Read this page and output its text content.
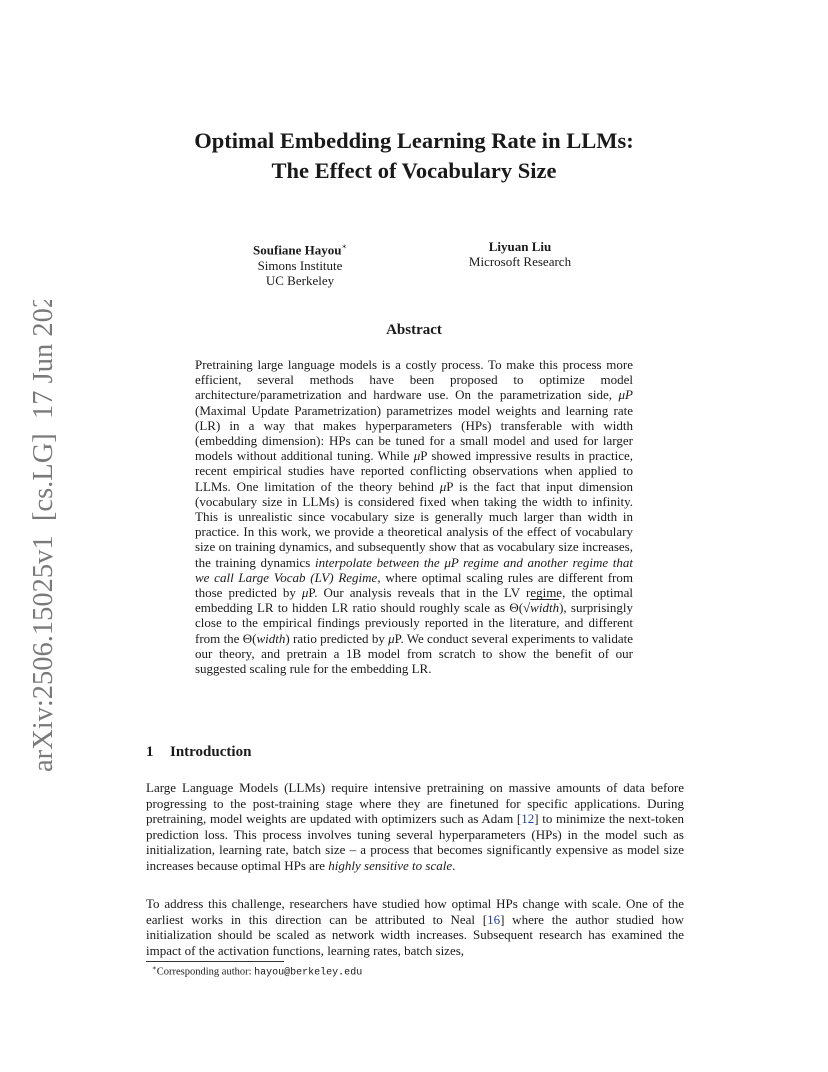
arXiv:2506.15025v1  [cs.LG]  17 Jun 2025
Optimal Embedding Learning Rate in LLMs:
The Effect of Vocabulary Size
Soufiane Hayou∗
Simons Institute
UC Berkeley
Liyuan Liu
Microsoft Research
Abstract

Pretraining large language models is a costly process. To make this process more efficient, several methods have been proposed to optimize model architecture/parametrization and hardware use. On the parametrization side, μP (Maximal Update Parametrization) parametrizes model weights and learning rate (LR) in a way that makes hyperparameters (HPs) transferable with width (embedding dimension): HPs can be tuned for a small model and used for larger models without additional tuning. While μP showed impressive results in practice, recent empirical studies have reported conflicting observations when applied to LLMs. One limitation of the theory behind μP is the fact that input dimension (vocabulary size in LLMs) is considered fixed when taking the width to infinity. This is unrealistic since vocabulary size is generally much larger than width in practice. In this work, we provide a theoretical analysis of the effect of vocabulary size on training dynamics, and subsequently show that as vocabulary size increases, the training dynamics interpolate between the μP regime and another regime that we call Large Vocab (LV) Regime, where optimal scaling rules are different from those predicted by μP. Our analysis reveals that in the LV regime, the optimal embedding LR to hidden LR ratio should roughly scale as Θ(√width), surprisingly close to the empirical findings previously reported in the literature, and different from the Θ(width) ratio predicted by μP. We conduct several experiments to validate our theory, and pretrain a 1B model from scratch to show the benefit of our suggested scaling rule for the embedding LR.

1 Introduction

Large Language Models (LLMs) require intensive pretraining on massive amounts of data before progressing to the post-training stage where they are finetuned for specific applications. During pretraining, model weights are updated with optimizers such as Adam [12] to minimize the next-token prediction loss. This process involves tuning several hyperparameters (HPs) in the model such as initialization, learning rate, batch size – a process that becomes significantly expensive as model size increases because optimal HPs are highly sensitive to scale.

To address this challenge, researchers have studied how optimal HPs change with scale. One of the earliest works in this direction can be attributed to Neal [16] where the author studied how initialization should be scaled as network width increases. Subsequent research has examined the impact of the activation functions, learning rates, batch sizes,

∗Corresponding author: hayou@berkeley.edu
